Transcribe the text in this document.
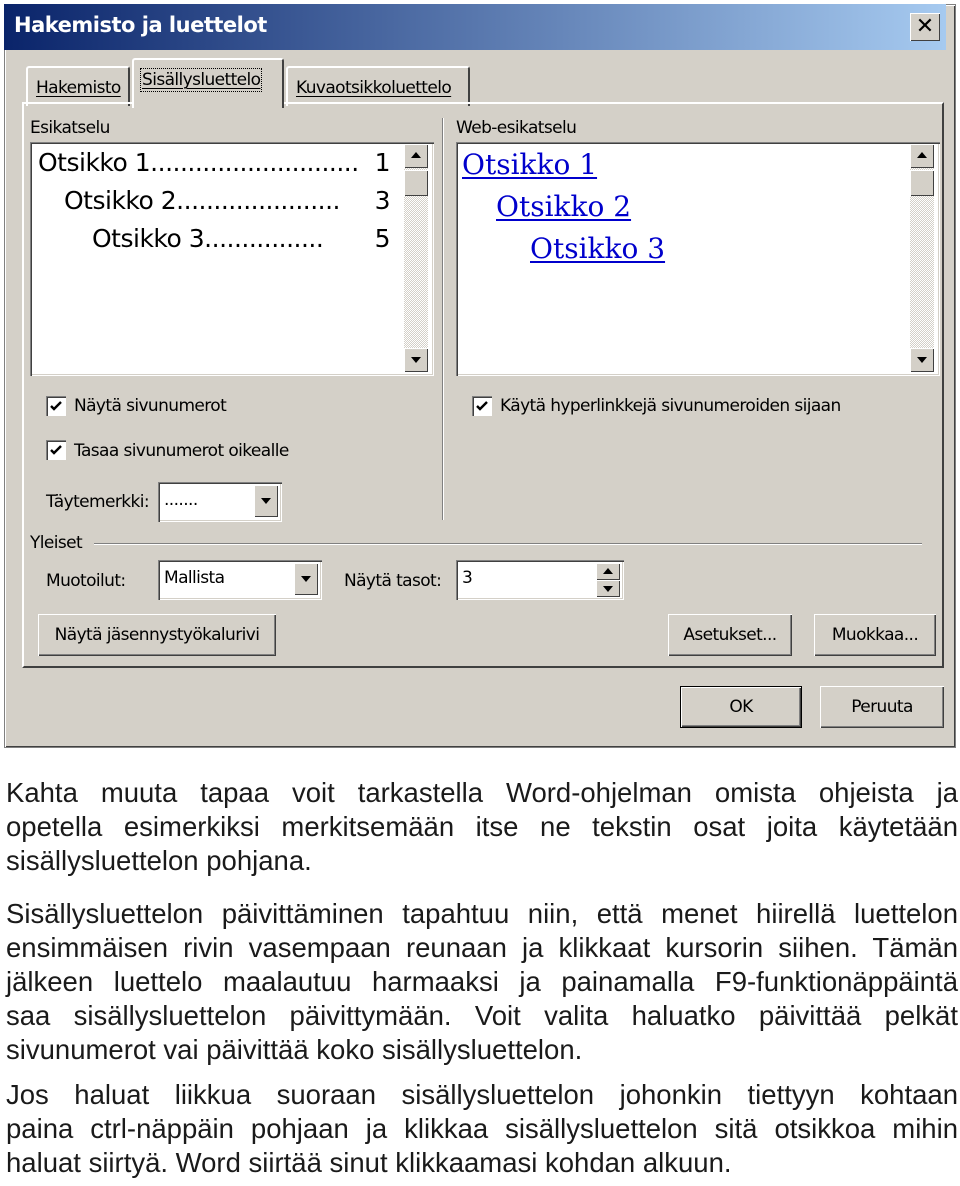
Hakemisto ja luettelot	✕
Hakemisto	Sisällysluettelo	Kuvaotsikkoluettelo
Esikatselu
Otsikko 1............................ 1
Otsikko 2...................... 3
Otsikko 3................ 5
Web-esikatselu
Otsikko 1
Otsikko 2
Otsikko 3
Näytä sivunumerot
Tasaa sivunumerot oikealle
Käytä hyperlinkkejä sivunumeroiden sijaan
Täytemerkki: .......
Yleiset
Muotoilut: Mallista	Näytä tasot: 3
Näytä jäsennystyökalurivi	Asetukset...	Muokkaa...
OK	Peruuta
Kahta muuta tapaa voit tarkastella Word-ohjelman omista ohjeista ja
opetella esimerkiksi merkitsemään itse ne tekstin osat joita käytetään
sisällysluettelon pohjana.
Sisällysluettelon päivittäminen tapahtuu niin, että menet hiirellä luettelon
ensimmäisen rivin vasempaan reunaan ja klikkaat kursorin siihen. Tämän
jälkeen luettelo maalautuu harmaaksi ja painamalla F9-funktionäppäintä
saa sisällysluettelon päivittymään. Voit valita haluatko päivittää pelkät
sivunumerot vai päivittää koko sisällysluettelon.
Jos haluat liikkua suoraan sisällysluettelon johonkin tiettyyn kohtaan
paina ctrl-näppäin pohjaan ja klikkaa sisällysluettelon sitä otsikkoa mihin
haluat siirtyä. Word siirtää sinut klikkaamasi kohdan alkuun.
